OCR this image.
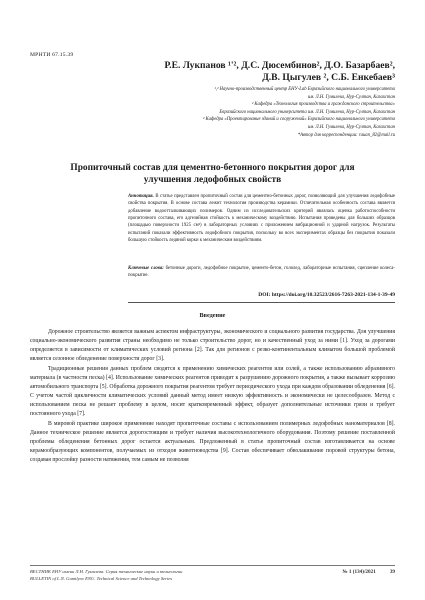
МРНТИ 67.15.39
Р.Е. Лукпанов ¹'², Д.С. Дюсембинов², Д.О. Базарбаев²,
Д.В. Цыгулев ², С.Б. Енкебаев³
¹,² Научно-производственный центр ЕНУ-Lab Евразийского национального университета
им. Л.Н. Гумилева, Нур-Султан, Казахстан
² Кафедра «Технология производства и гражданского строительства»
Евразийского национального университета им. Л.Н. Гумилева, Нур-Султан, Казахстан
³ Кафедра «Проектирование зданий и сооружений» Евразийского национального университета
им. Л.Н. Гумилева, Нур-Султан, Казахстан
*Автор для корреспонденции: rauan_82@mail.ru
Пропиточный состав для цементно-бетонного покрытия дорог для
улучшения ледофобных свойств
Аннотация. В статье представлен пропиточный состав для цементно-бетонных дорог, позволяющий для улучшения ледофобные свойства покрытия. В основе состава лежит технология производства керамики. Отличительная особенность состава является добавление водоотталкивающих полимеров. Одним из исследовательских критерий являлась оценка работоспособности пропиточного состава, его адгезийная стойкость к механическому воздействию. Испытания проведены для больших образцов (площадью поверхности 1925 см²) в лабораторных условиях с приложением вибрационной и ударной нагрузок. Результаты испытаний показали эффективность ледофобного покрытия, поскольку во всех экспериментах образцы без покрытия показали большую стойкость ледяной корки к механическим воздействиям.
Ключевые слова: бетонные дороги, ледофобное покрытие, цементо-бетон, гололед, лабораторные испытания, сцепление колеса-покрытие.
DOI: https://doi.org/10.32523/2616-7263-2021-134-1-39-49
Введение

Дорожное строительство является важным аспектом инфраструктуры, экономического и социального развития государства. Для улучшения социально-экономического развития страны необходимо не только строительство дорог, но и качественный уход за ними [1]. Уход за дорогами определяется в зависимости от климатических условий региона [2]. Так для регионов с резко-континентальным климатом большой проблемой является сезонное обледенение поверхности дорог [3].

Традиционные решения данных проблем сводятся к применению химических реагентов или солей, а также использованию абразивного материала (в частности песка) [4]. Использование химических реагентов приводит к разрушению дорожного покрытия, а также вызывает коррозию автомобильного транспорта [5]. Обработка дорожного покрытия реагентом требует периодического ухода при каждом образовании обледенения [6]. С учетом частой цикличности климатических условий данный метод имеет низкую эффективность и экономически не целесообразен. Метод с использованием песка не решает проблему в целом, носит кратковременный эффект, образует дополнительные источники грязи и требует постоянного ухода [7].

В мировой практике широкое применение находят пропиточные составы с использованием полимерных ледофобных наноматериалов [8]. Данное техническое решение является дорогостоящим и требует наличия высокотехнологичного оборудования. Поэтому решение поставленной проблемы обледенения бетонных дорог остается актуальным. Предложенный в статье пропиточный состав изготавливается на основе керамообразующих компонентов, получаемых из отходов животноводства [9]. Состав обеспечивает обволакивание поровой структуры бетона, создавая прослойку разности натяжения, тем самым не позволяя

ВЕСТНИК ЕНУ имени Л.Н. Гумилева. Серия технические науки и технологии
BULLETIN of L.N. Gumilyov ENU. Technical Science and Technology Series
№ 1 (134)/2021	39
